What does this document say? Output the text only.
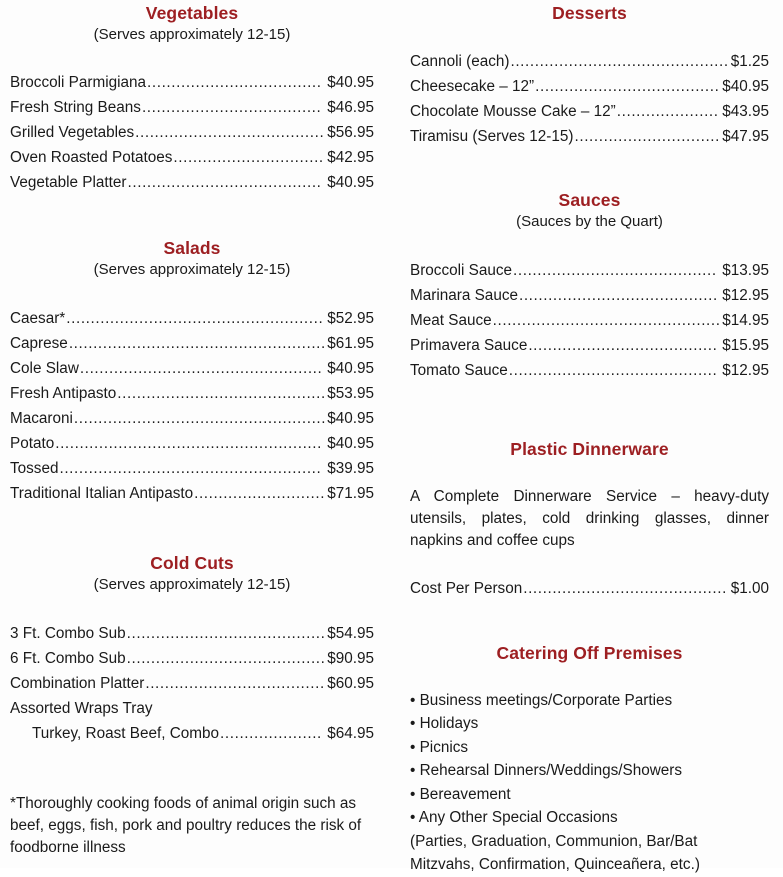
Vegetables
(Serves approximately 12-15)
Broccoli Parmigiana .................................... $40.95
Fresh String Beans ..................................... $46.95
Grilled Vegetables ....................................... $56.95
Oven Roasted Potatoes ............................... $42.95
Vegetable Platter ........................................ $40.95
Salads
(Serves approximately 12-15)
Caesar* ..................................................... $52.95
Caprese ..................................................... $61.95
Cole Slaw .................................................. $40.95
Fresh Antipasto ........................................... $53.95
Macaroni .................................................... $40.95
Potato ....................................................... $40.95
Tossed ...................................................... $39.95
Traditional Italian Antipasto ........................... $71.95
Cold Cuts
(Serves approximately 12-15)
3 Ft. Combo Sub ......................................... $54.95
6 Ft. Combo Sub ......................................... $90.95
Combination Platter ..................................... $60.95
Assorted Wraps Tray
Turkey, Roast Beef, Combo ..................... $64.95

*Thoroughly cooking foods of animal origin such as beef, eggs, fish, pork and poultry reduces the risk of foodborne illness

Desserts
Cannoli (each) ............................................. $1.25
Cheesecake – 12” ...................................... $40.95
Chocolate Mousse Cake – 12” ..................... $43.95
Tiramisu (Serves 12-15) .............................. $47.95
Sauces
(Sauces by the Quart)
Broccoli Sauce .......................................... $13.95
Marinara Sauce ......................................... $12.95
Meat Sauce ............................................... $14.95
Primavera Sauce ....................................... $15.95
Tomato Sauce ........................................... $12.95
Plastic Dinnerware

A Complete Dinnerware Service – heavy-duty utensils, plates, cold drinking glasses, dinner napkins and coffee cups

Cost Per Person .......................................... $1.00
Catering Off Premises
• Business meetings/Corporate Parties
• Holidays
• Picnics
• Rehearsal Dinners/Weddings/Showers
• Bereavement
• Any Other Special Occasions
(Parties, Graduation, Communion, Bar/Bat
Mitzvahs, Confirmation, Quinceañera, etc.)
